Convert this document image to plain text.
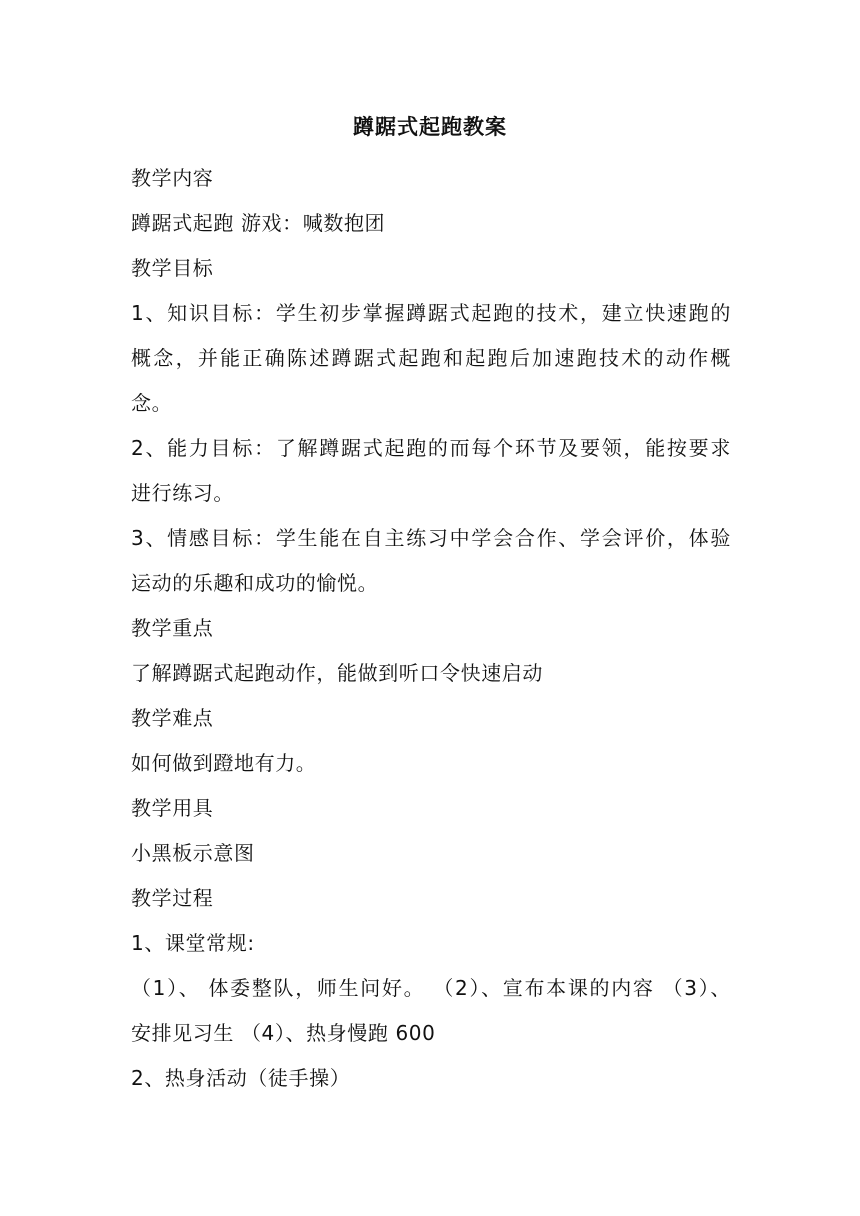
蹲踞式起跑教案
教学内容
蹲踞式起跑 游戏：喊数抱团
教学目标
1、知识目标：学生初步掌握蹲踞式起跑的技术，建立快速跑的
概念，并能正确陈述蹲踞式起跑和起跑后加速跑技术的动作概
念。
2、能力目标：了解蹲踞式起跑的而每个环节及要领，能按要求
进行练习。
3、情感目标：学生能在自主练习中学会合作、学会评价，体验
运动的乐趣和成功的愉悦。
教学重点
了解蹲踞式起跑动作，能做到听口令快速启动
教学难点
如何做到蹬地有力。
教学用具
小黑板示意图
教学过程
1、课堂常规:
（1）、 体委整队，师生问好。 （2）、宣布本课的内容 （3）、
安排见习生 （4）、热身慢跑 600
2、热身活动（徒手操）
